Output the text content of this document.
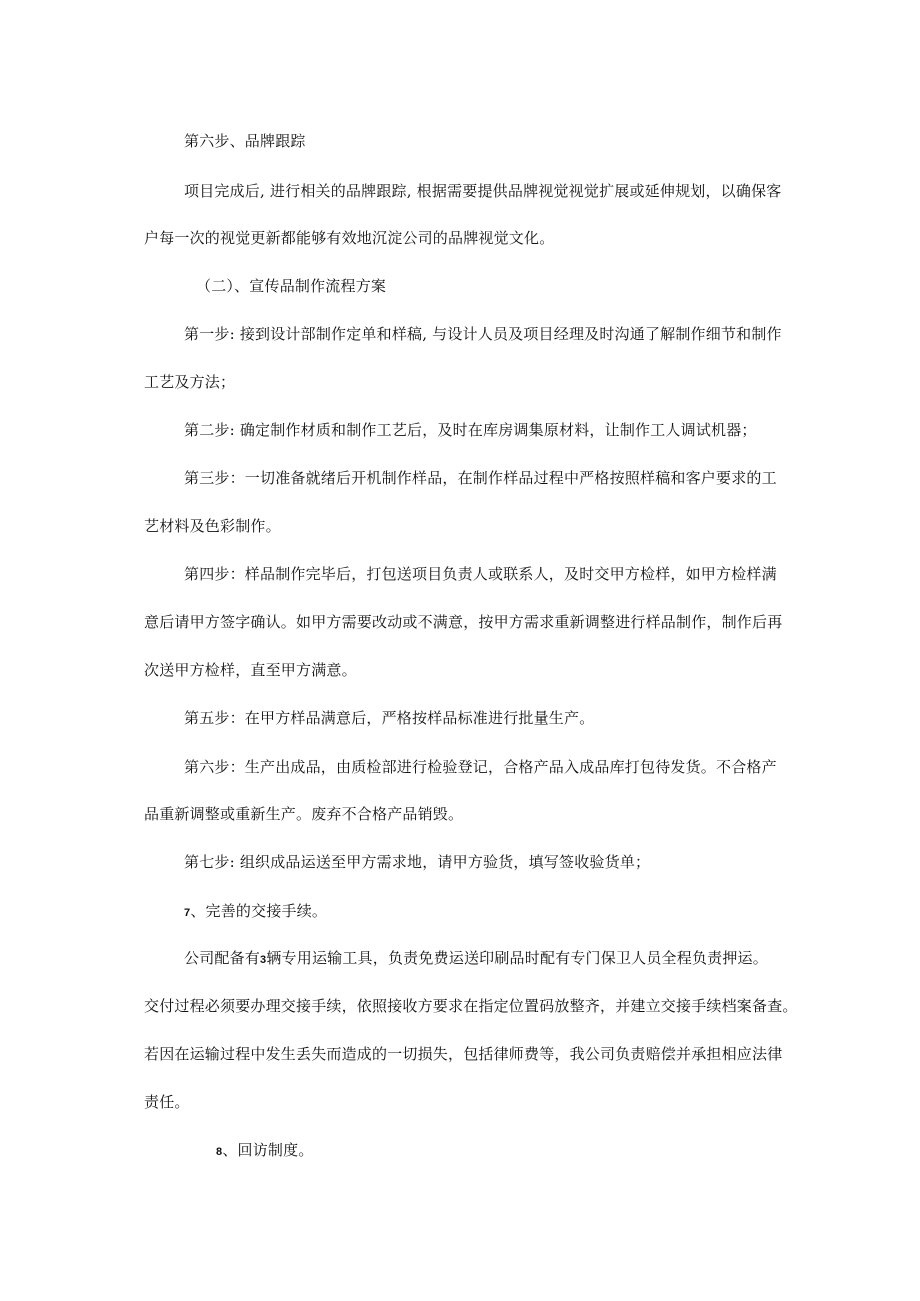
第六步、品牌跟踪
项目完成后, 进行相关的品牌跟踪, 根据需要提供品牌视觉视觉扩展或延伸规划，以确保客
户每一次的视觉更新都能够有效地沉淀公司的品牌视觉文化。
（二）、宣传品制作流程方案
第一步: 接到设计部制作定单和样稿, 与设计人员及项目经理及时沟通了解制作细节和制作
工艺及方法；
第二步: 确定制作材质和制作工艺后，及时在库房调集原材料，让制作工人调试机器；
第三步：一切准备就绪后开机制作样品，在制作样品过程中严格按照样稿和客户要求的工
艺材料及色彩制作。
第四步：样品制作完毕后，打包送项目负责人或联系人，及时交甲方检样，如甲方检样满
意后请甲方签字确认。如甲方需要改动或不满意，按甲方需求重新调整进行样品制作，制作后再
次送甲方检样，直至甲方满意。
第五步：在甲方样品满意后，严格按样品标准进行批量生产。
第六步：生产出成品，由质检部进行检验登记，合格产品入成品库打包待发货。不合格产
品重新调整或重新生产。废弃不合格产品销毁。
第七步: 组织成品运送至甲方需求地，请甲方验货，填写签收验货单；
7、完善的交接手续。
公司配备有3辆专用运输工具，负责免费运送印刷品时配有专门保卫人员全程负责押运。
交付过程必须要办理交接手续，依照接收方要求在指定位置码放整齐，并建立交接手续档案备查。
若因在运输过程中发生丢失而造成的一切损失，包括律师费等，我公司负责赔偿并承担相应法律
责任。
8、回访制度。
